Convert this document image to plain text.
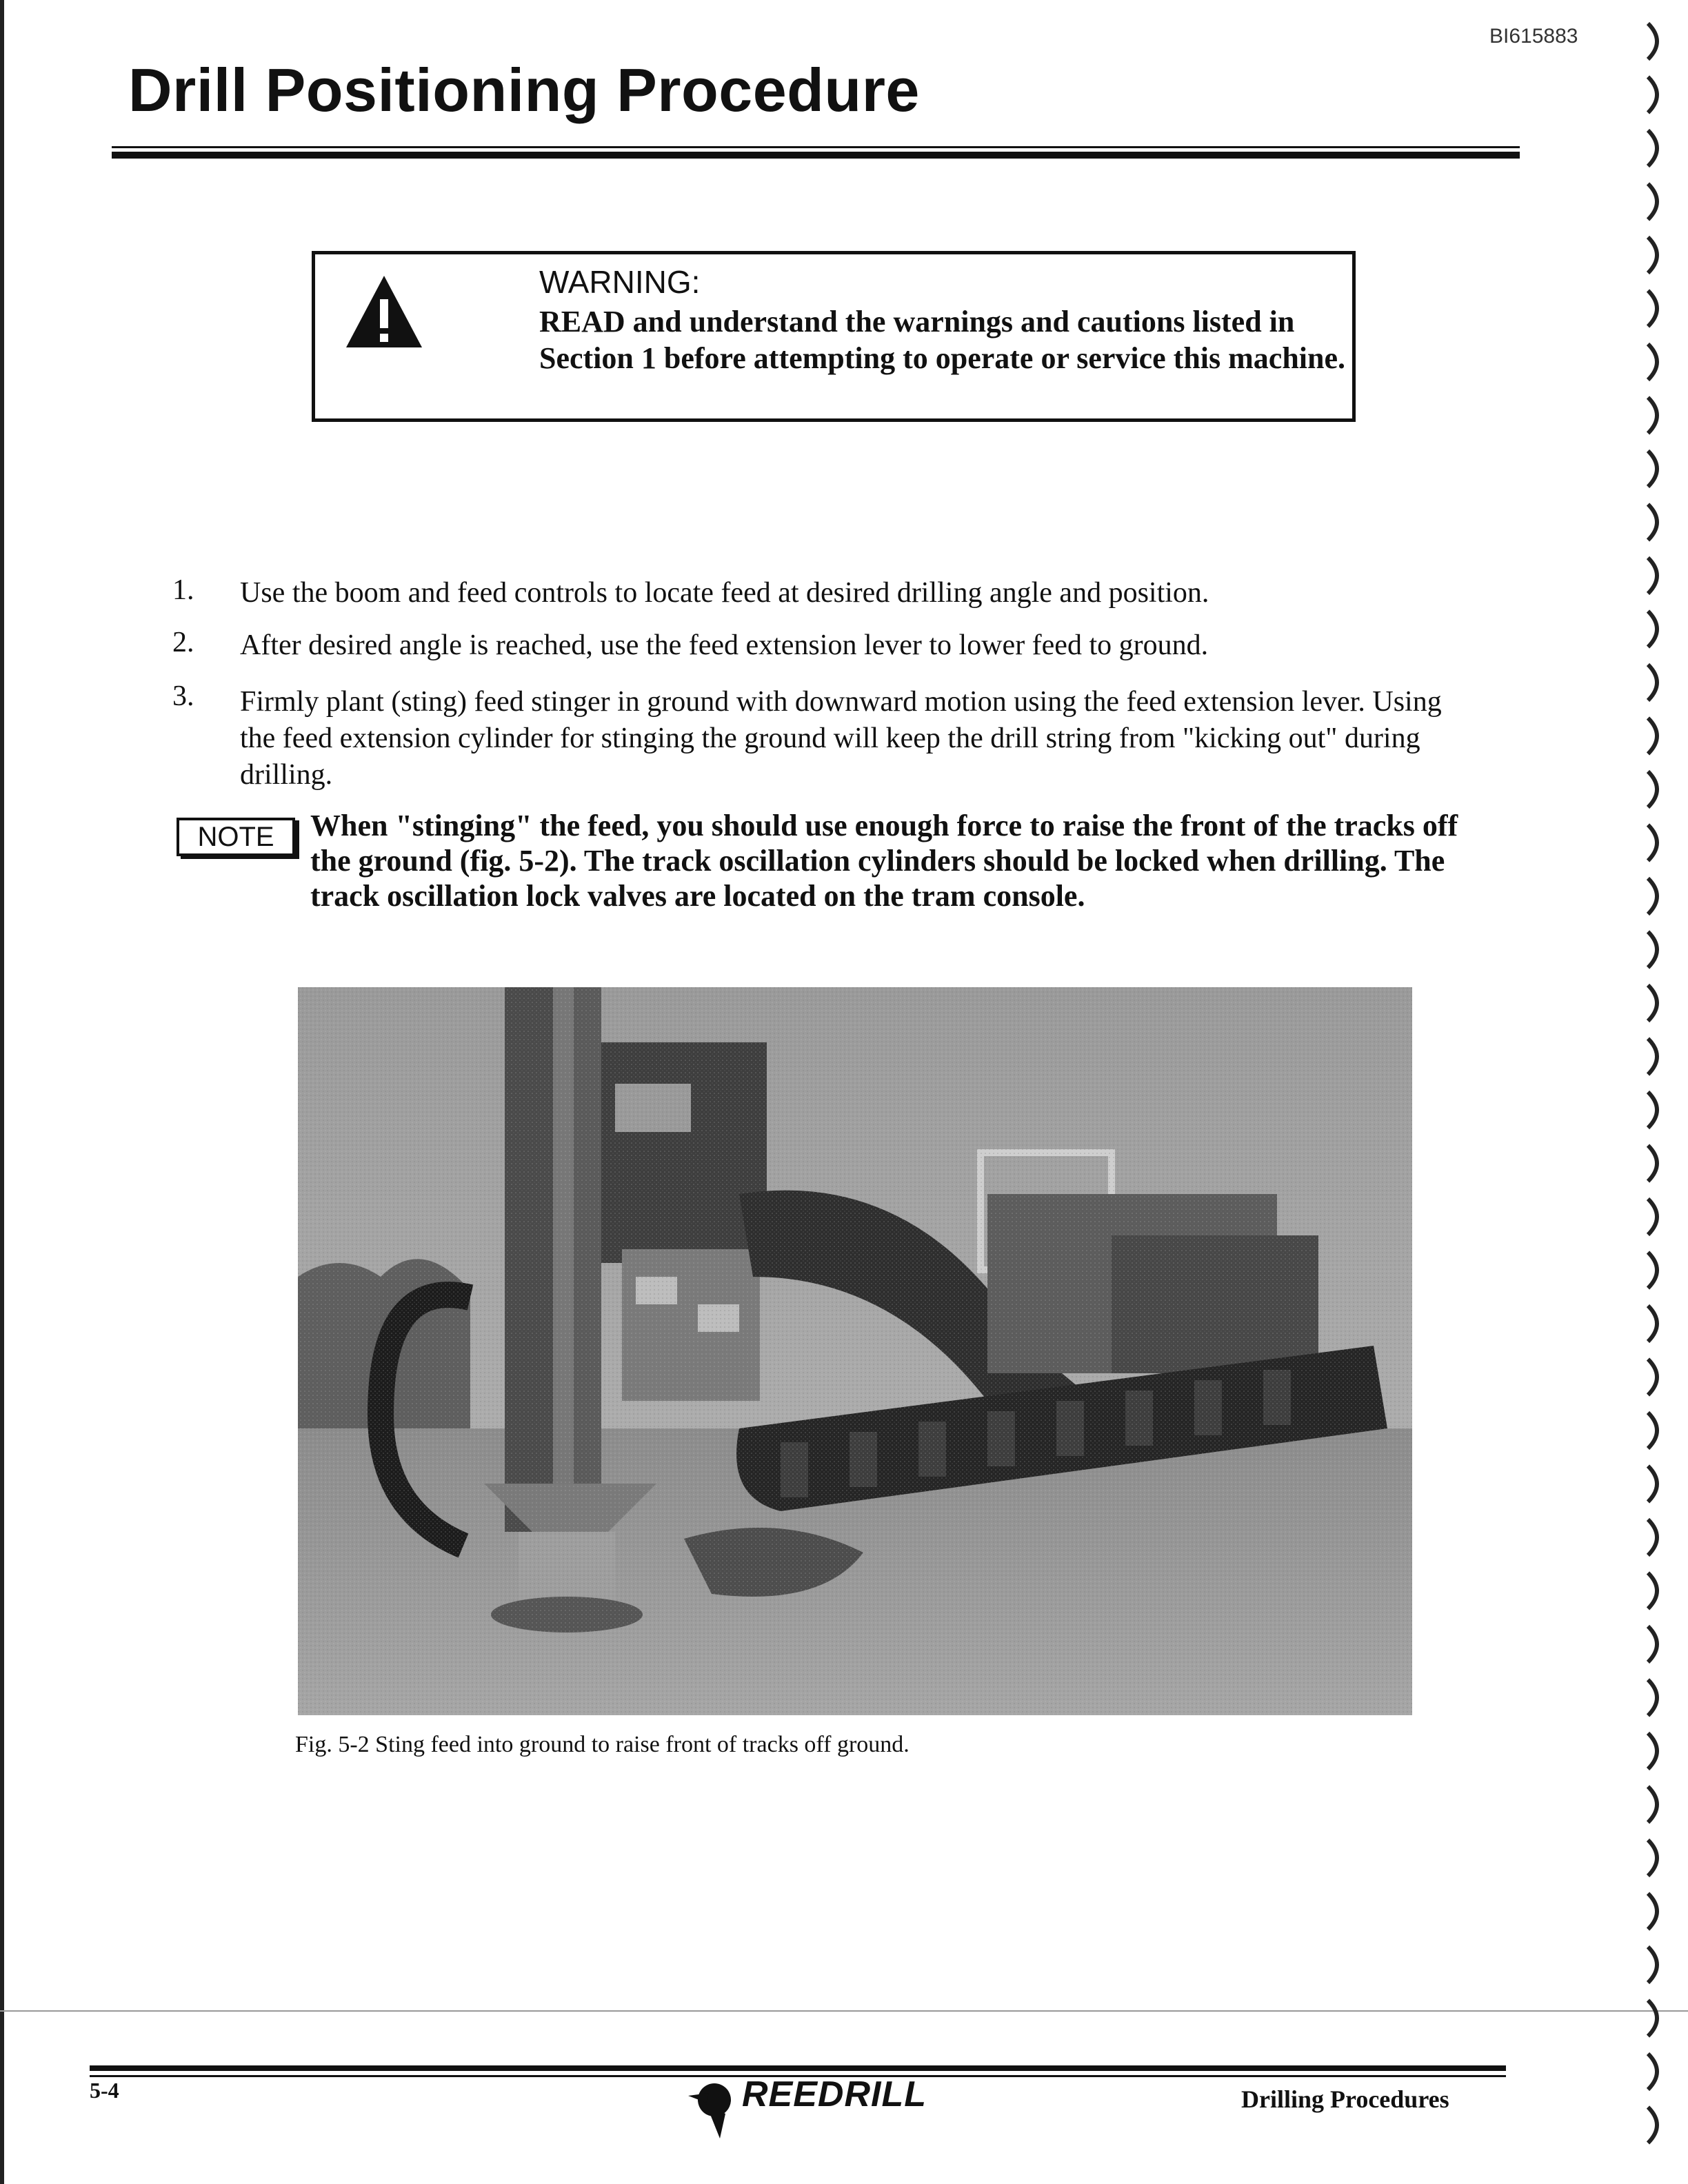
BI615883
Drill Positioning Procedure
WARNING:
READ and understand the warnings and cautions listed in Section 1 before attempting to operate or service this machine.
1. Use the boom and feed controls to locate feed at desired drilling angle and position.
2. After desired angle is reached, use the feed extension lever to lower feed to ground.
3. Firmly plant (sting) feed stinger in ground with downward motion using the feed extension lever. Using the feed extension cylinder for stinging the ground will keep the drill string from "kicking out" during drilling.
NOTE	When "stinging" the feed, you should use enough force to raise the front of the tracks off the ground (fig. 5-2). The track oscillation cylinders should be locked when drilling. The track oscillation lock valves are located on the tram console.
Fig. 5-2 Sting feed into ground to raise front of tracks off ground.
5-4	REEDRILL	Drilling Procedures
